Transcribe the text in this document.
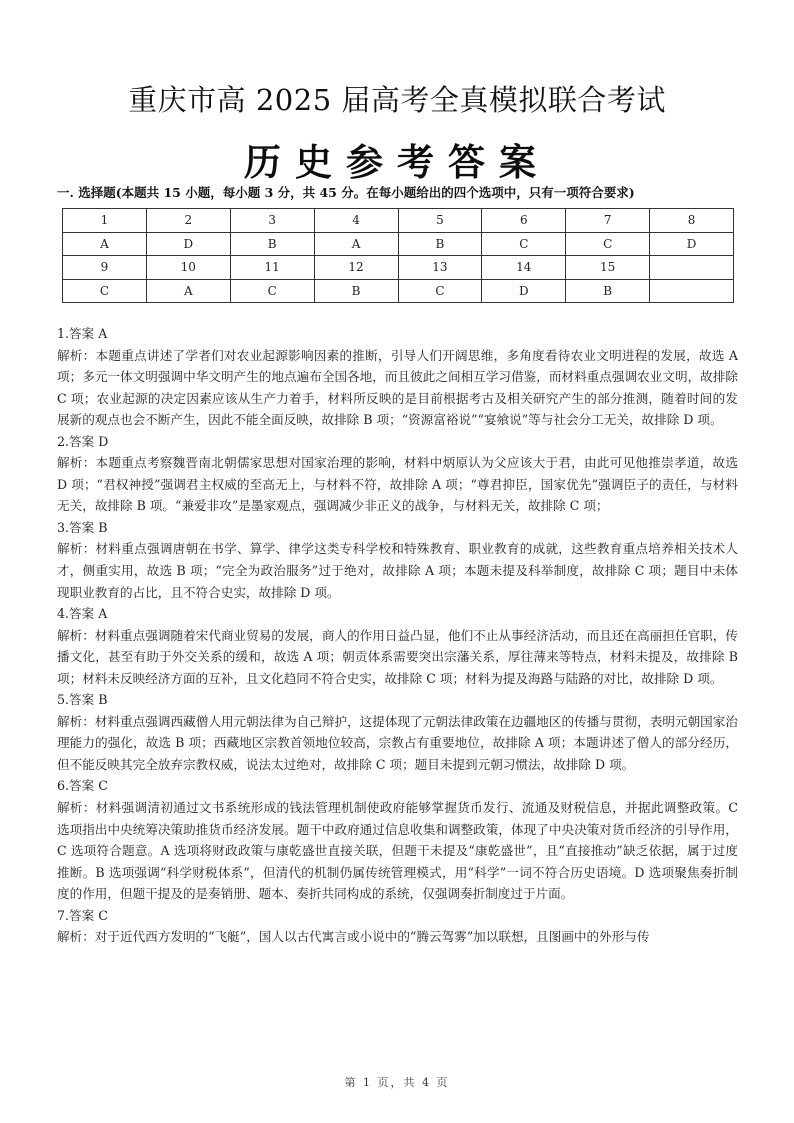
重庆市高 2025 届高考全真模拟联合考试
历史参考答案
一. 选择题(本题共 15 小题，每小题 3 分，共 45 分。在每小题给出的四个选项中，只有一项符合要求)
1	2	3	4	5	6	7	8
A	D	B	A	B	C	C	D
9	10	11	12	13	14	15	
C	A	C	B	C	D	B	

1.答案 A

解析：本题重点讲述了学者们对农业起源影响因素的推断，引导人们开阔思维，多角度看待农业文明进程的发展，故选 A 项；多元一体文明强调中华文明产生的地点遍布全国各地，而且彼此之间相互学习借鉴，而材料重点强调农业文明，故排除 C 项；农业起源的决定因素应该从生产力着手，材料所反映的是目前根据考古及相关研究产生的部分推测，随着时间的发展新的观点也会不断产生，因此不能全面反映，故排除 B 项；“资源富裕说”“宴飨说”等与社会分工无关，故排除 D 项。

2.答案 D

解析：本题重点考察魏晋南北朝儒家思想对国家治理的影响，材料中炳原认为父应该大于君，由此可见他推崇孝道，故选 D 项；“君权神授”强调君主权威的至高无上，与材料不符，故排除 A 项；“尊君抑臣，国家优先”强调臣子的责任，与材料无关，故排除 B 项。“兼爱非攻”是墨家观点，强调减少非正义的战争，与材料无关，故排除 C 项；

3.答案 B

解析：材料重点强调唐朝在书学、算学、律学这类专科学校和特殊教育、职业教育的成就，这些教育重点培养相关技术人才，侧重实用，故选 B 项；“完全为政治服务”过于绝对，故排除 A 项；本题未提及科举制度，故排除 C 项；题目中未体现职业教育的占比，且不符合史实，故排除 D 项。

4.答案 A

解析：材料重点强调随着宋代商业贸易的发展，商人的作用日益凸显，他们不止从事经济活动，而且还在高丽担任官职，传播文化，甚至有助于外交关系的缓和，故选 A 项；朝贡体系需要突出宗藩关系，厚往薄来等特点，材料未提及，故排除 B 项；材料未反映经济方面的互补，且文化趋同不符合史实，故排除 C 项；材料为提及海路与陆路的对比，故排除 D 项。

5.答案 B

解析：材料重点强调西藏僧人用元朝法律为自己辩护，这提体现了元朝法律政策在边疆地区的传播与贯彻，表明元朝国家治理能力的强化，故选 B 项；西藏地区宗教首领地位较高，宗教占有重要地位，故排除 A 项；本题讲述了僧人的部分经历，但不能反映其完全放弃宗教权威，说法太过绝对，故排除 C 项；题目未提到元朝习惯法，故排除 D 项。

6.答案 C

解析：材料强调清初通过文书系统形成的钱法管理机制使政府能够掌握货币发行、流通及财税信息，并据此调整政策。C 选项指出中央统筹决策助推货币经济发展。题干中政府通过信息收集和调整政策，体现了中央决策对货币经济的引导作用，C 选项符合题意。A 选项将财政政策与康乾盛世直接关联，但题干未提及“康乾盛世”，且“直接推动”缺乏依据，属于过度推断。B 选项强调“科学财税体系”，但清代的机制仍属传统管理模式，用“科学”一词不符合历史语境。D 选项聚焦奏折制度的作用，但题干提及的是奏销册、题本、奏折共同构成的系统，仅强调奏折制度过于片面。

7.答案 C

解析：对于近代西方发明的“飞艇”，国人以古代寓言或小说中的“腾云驾雾”加以联想，且图画中的外形与传

第 1 页，共 4 页
